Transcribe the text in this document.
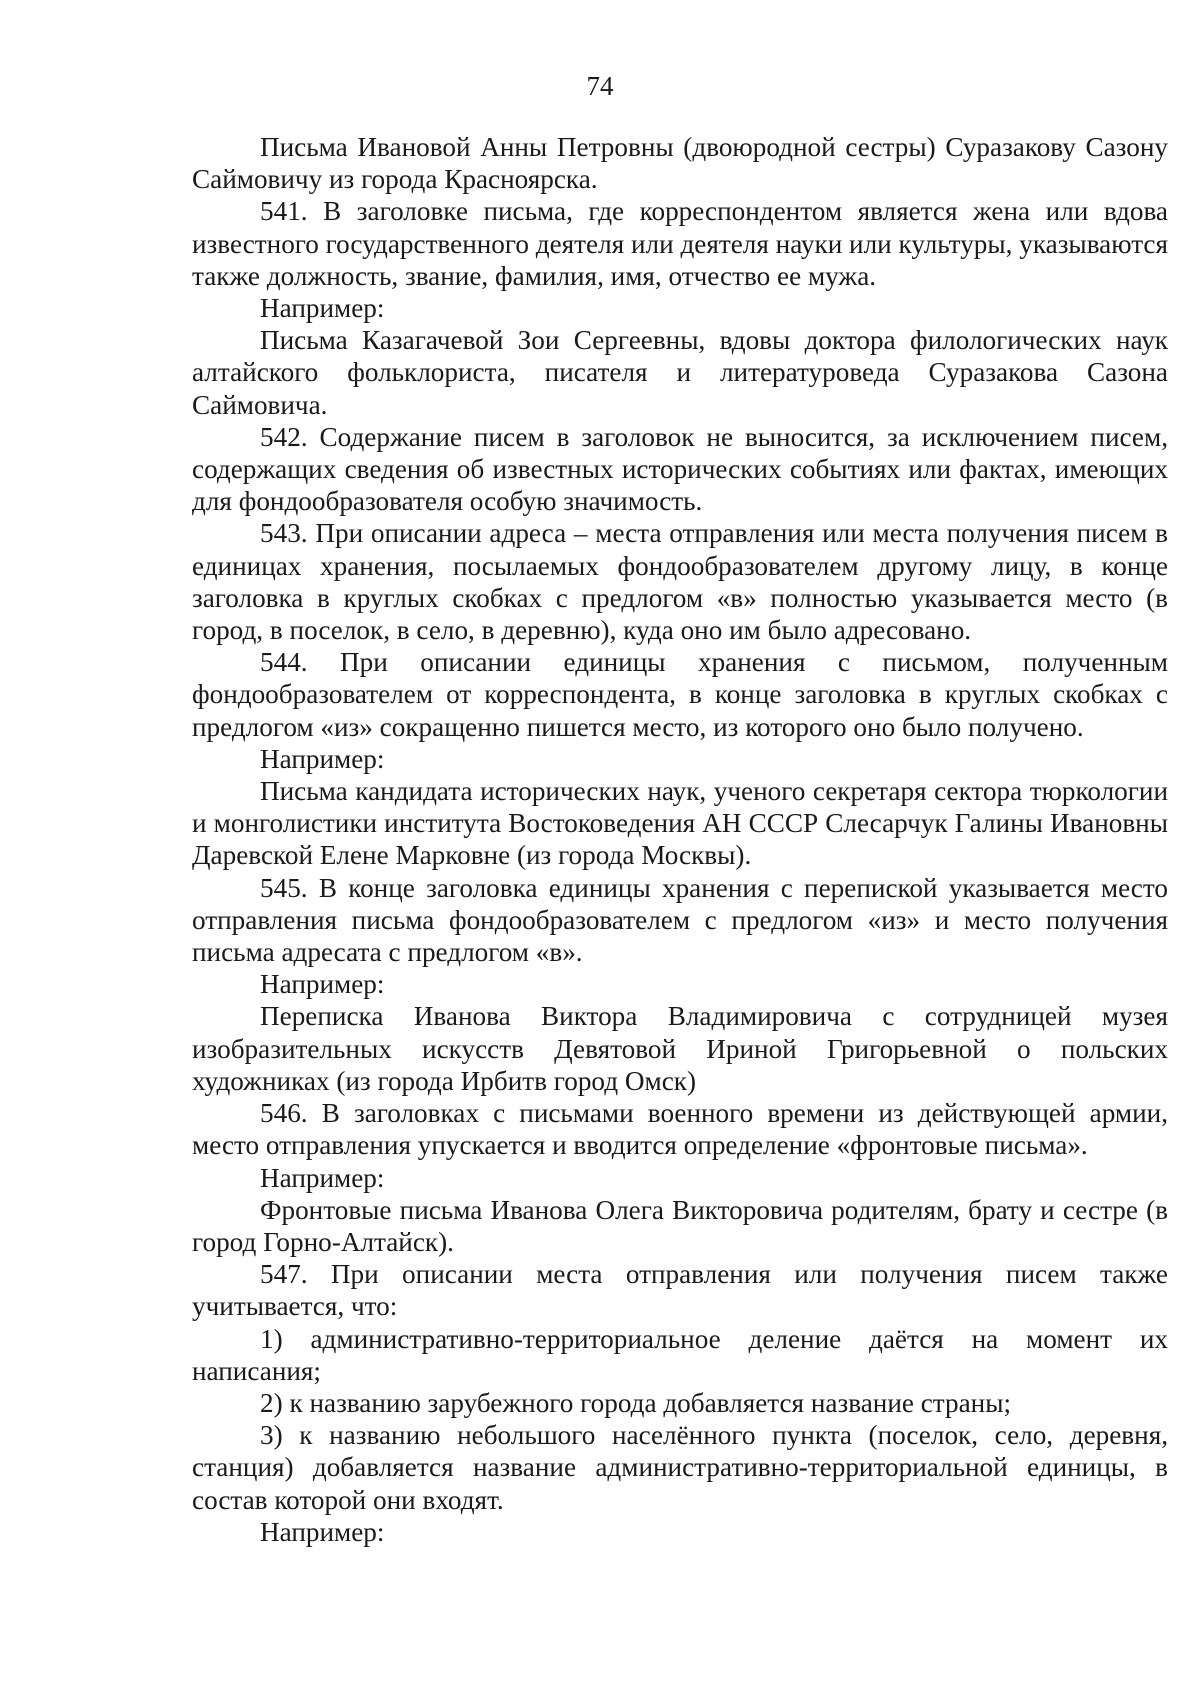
74

Письма Ивановой Анны Петровны (двоюродной сестры) Суразакову Сазону Саймовичу из города Красноярска.

541. В заголовке письма, где корреспондентом является жена или вдова известного государственного деятеля или деятеля науки или культуры, указываются также должность, звание, фамилия, имя, отчество ее мужа.

Например:

Письма Казагачевой Зои Сергеевны, вдовы доктора филологических наук алтайского фольклориста, писателя и литературоведа Суразакова Сазона Саймовича.

542. Содержание писем в заголовок не выносится, за исключением писем, содержащих сведения об известных исторических событиях или фактах, имеющих для фондообразователя особую значимость.

543. При описании адреса – места отправления или места получения писем в единицах хранения, посылаемых фондообразователем другому лицу, в конце заголовка в круглых скобках с предлогом «в» полностью указывается место (в город, в поселок, в село, в деревню), куда оно им было адресовано.

544. При описании единицы хранения с письмом, полученным фондообразователем от корреспондента, в конце заголовка в круглых скобках с предлогом «из» сокращенно пишется место, из которого оно было получено.

Например:

Письма кандидата исторических наук, ученого секретаря сектора тюркологии и монголистики института Востоковедения АН СССР Слесарчук Галины Ивановны Даревской Елене Марковне (из города Москвы).

545. В конце заголовка единицы хранения с перепиской указывается место отправления письма фондообразователем с предлогом «из» и место получения письма адресата с предлогом «в».

Например:

Переписка Иванова Виктора Владимировича с сотрудницей музея изобразительных искусств Девятовой Ириной Григорьевной о польских художниках (из города Ирбитв город Омск)

546. В заголовках с письмами военного времени из действующей армии, место отправления упускается и вводится определение «фронтовые письма».

Например:

Фронтовые письма Иванова Олега Викторовича родителям, брату и сестре (в город Горно-Алтайск).

547. При описании места отправления или получения писем также учитывается, что:

1) административно-территориальное деление даётся на момент их написания;

2) к названию зарубежного города добавляется название страны;

3) к названию небольшого населённого пункта (поселок, село, деревня, станция) добавляется название административно-территориальной единицы, в состав которой они входят.

Например:
